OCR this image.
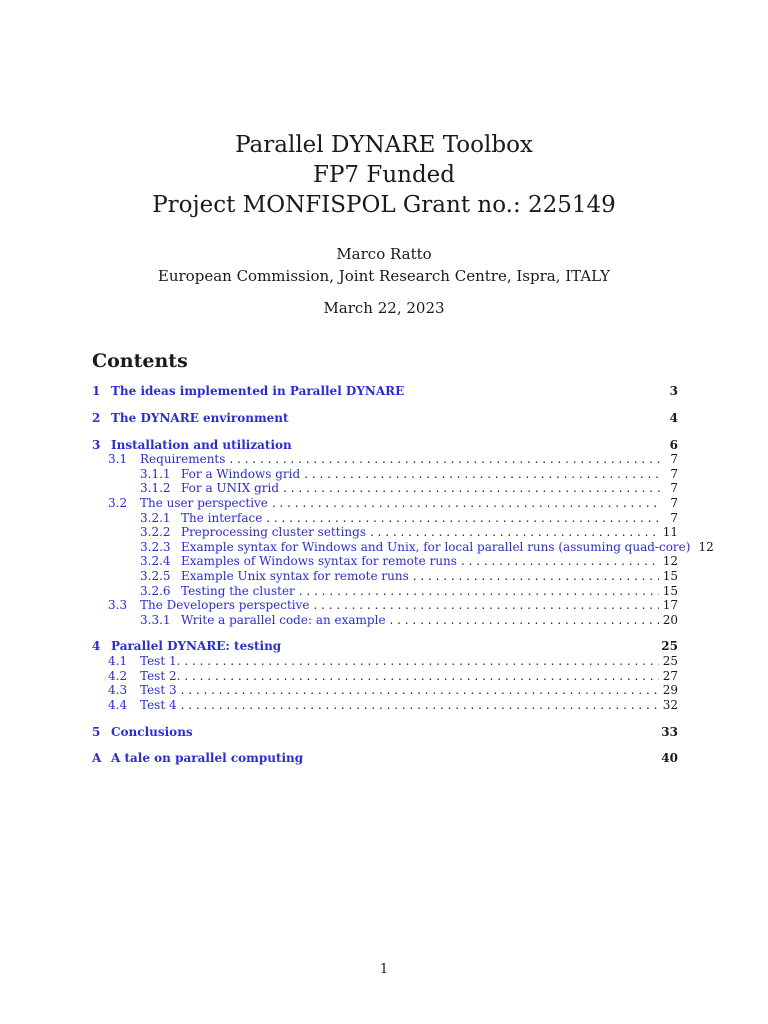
Parallel DYNARE Toolbox
FP7 Funded
Project MONFISPOL Grant no.: 225149
Marco Ratto
European Commission, Joint Research Centre, Ispra, ITALY
March 22, 2023
Contents
1 The ideas implemented in Parallel DYNARE	3
2 The DYNARE environment	4
3 Installation and utilization	6
3.1	Requirements . . .	7
3.1.1 For a Windows grid . . .	7
3.1.2 For a UNIX grid . . .	7
3.2	The user perspective . . .	7
3.2.1 The interface . . .	7
3.2.2 Preprocessing cluster settings . . .	11
3.2.3 Example syntax for Windows and Unix, for local parallel runs (assuming quad-core) 12
3.2.4 Examples of Windows syntax for remote runs . . .	12
3.2.5 Example Unix syntax for remote runs . . .	15
3.2.6 Testing the cluster . . .	15
3.3	The Developers perspective . . .	17
3.3.1 Write a parallel code: an example . . .	20
4 Parallel DYNARE: testing	25
4.1	Test 1. . . .	25
4.2	Test 2. . . .	27
4.3	Test 3 . . .	29
4.4	Test 4 . . .	32
5 Conclusions	33
A A tale on parallel computing	40
1
